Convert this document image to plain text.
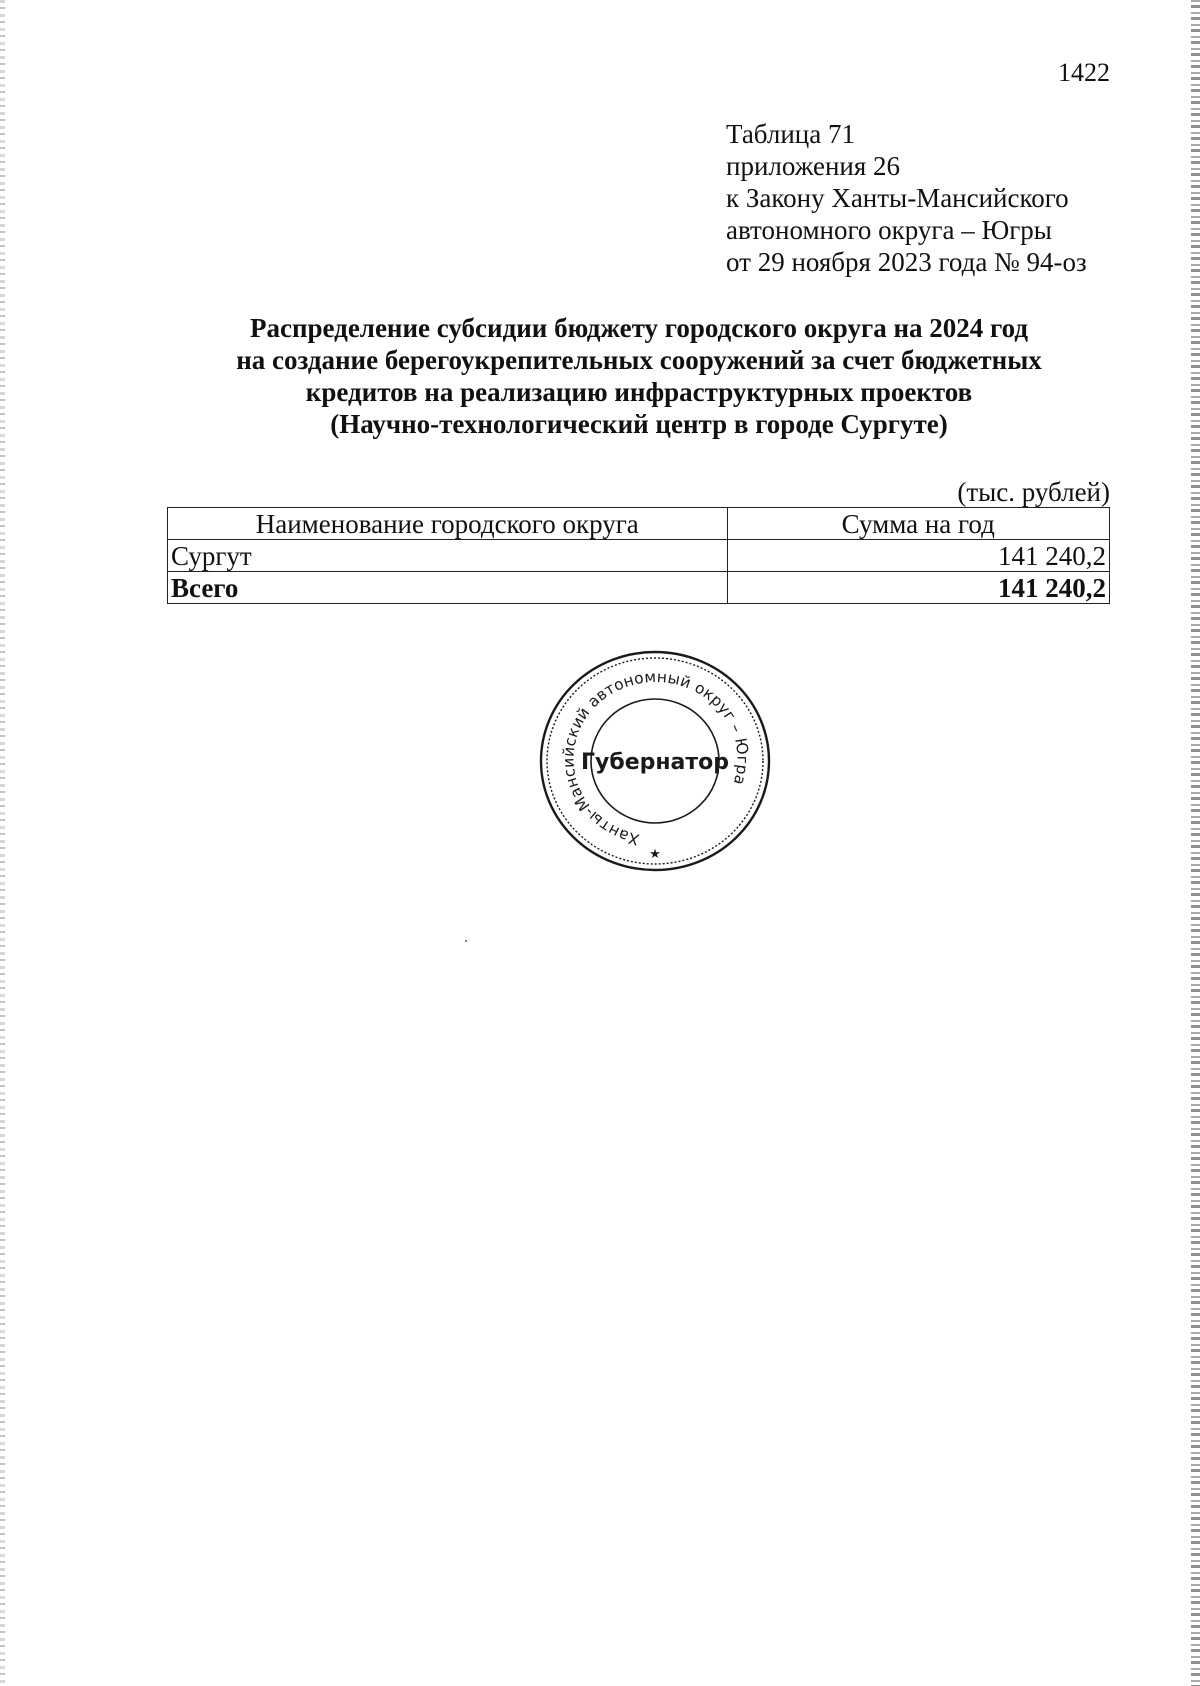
1422
Таблица 71
приложения 26
к Закону Ханты-Мансийского
автономного округа – Югры
от 29 ноября 2023 года № 94-оз
Распределение субсидии бюджету городского округа на 2024 год
на создание берегоукрепительных сооружений за счет бюджетных
кредитов на реализацию инфраструктурных проектов
(Научно-технологический центр в городе Сургуте)
(тыс. рублей)
Наименование городского округа	Сумма на год
Сургут	141 240,2
Всего	141 240,2
Ханты-Мансийский автономный округ – Югра
Губернатор
★
